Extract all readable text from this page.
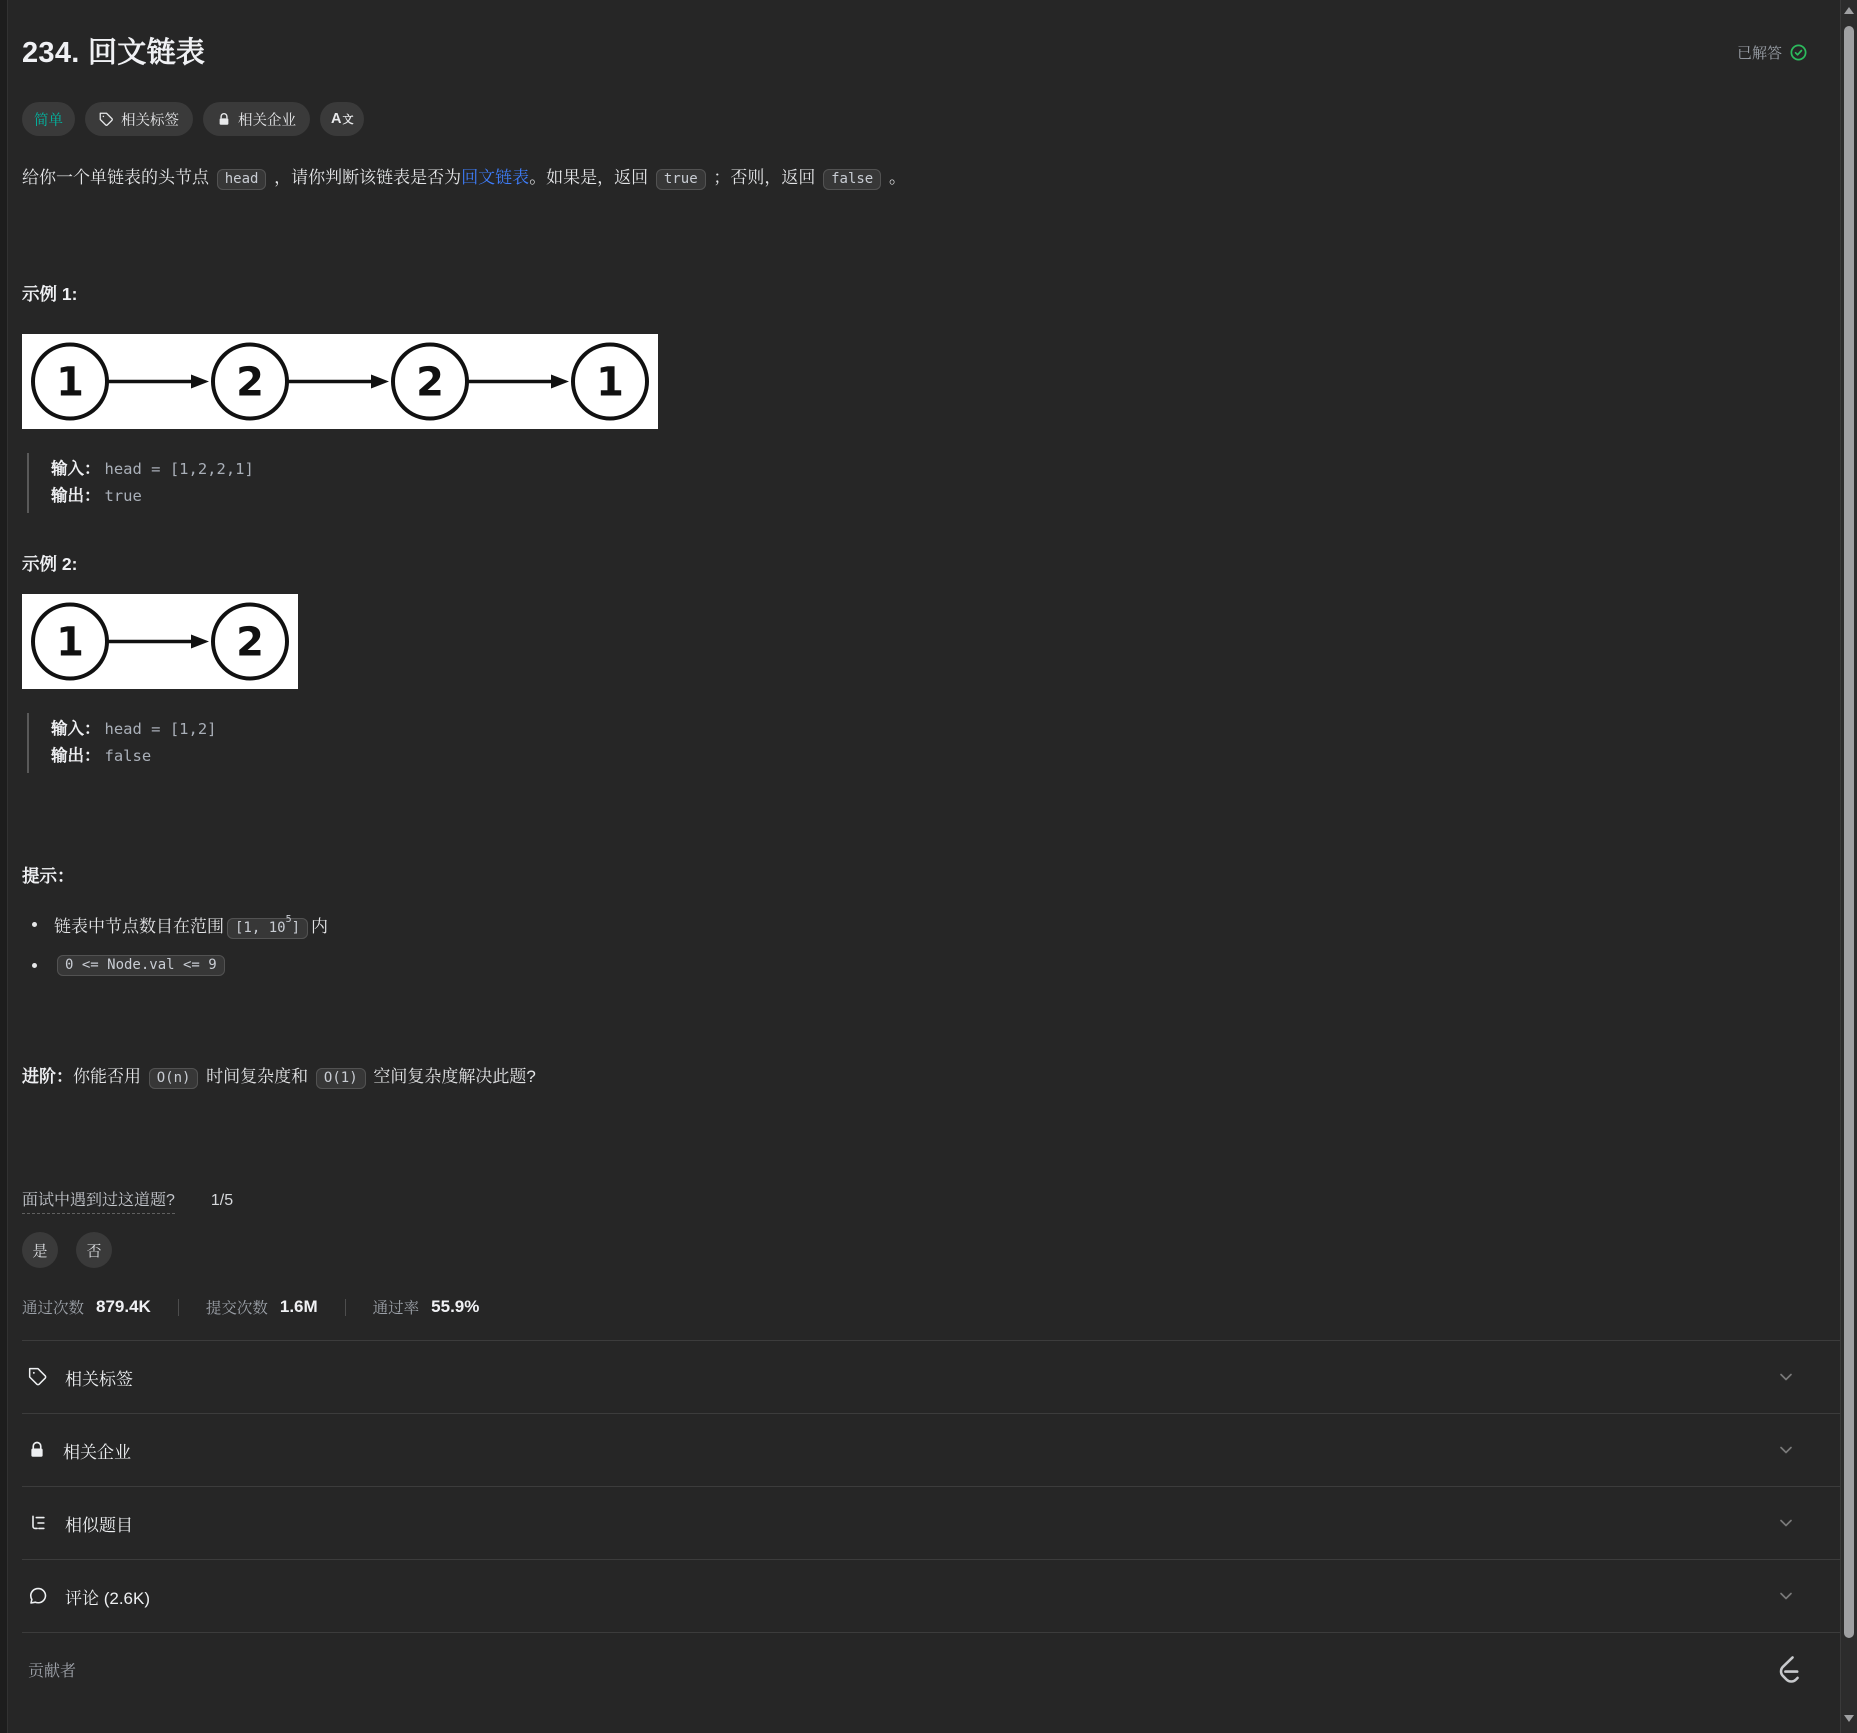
234. 回文链表	已解答
简单	相关标签	相关企业 A文

给你一个单链表的头节点 head ，请你判断该链表是否为回文链表。如果是，返回 true ；否则，返回 false 。

示例 1:
1	2	2	1
输入： head = [1,2,2,1]
输出： true
示例 2:
1	2
输入： head = [1,2]
输出： false
提示：
链表中节点数目在范围 [1, $10^5$] 内
0 <= Node.val <= 9

进阶：你能否用 O(n) 时间复杂度和 O(1) 空间复杂度解决此题?

面试中遇到过这道题? 1/5
是	否
通过次数 879.4K	提交次数 1.6M	通过率 55.9%
相关标签
相关企业
相似题目
评论 (2.6K)
贡献者
